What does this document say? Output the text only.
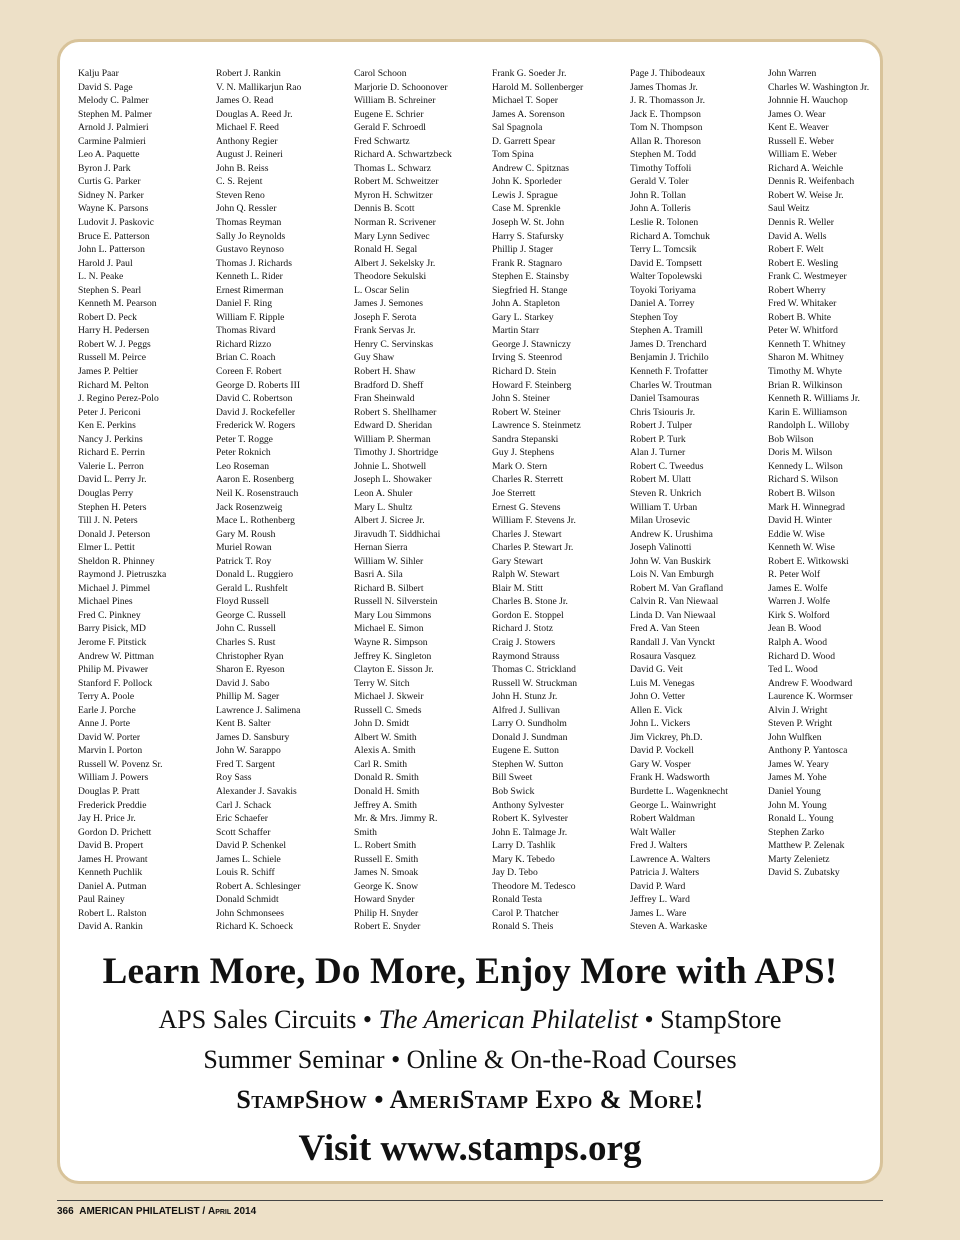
Kalju Paar
David S. Page
Melody C. Palmer
Stephen M. Palmer
Arnold J. Palmieri
Carmine Palmieri
Leo A. Paquette
Byron J. Park
Curtis G. Parker
Sidney N. Parker
Wayne K. Parsons
Ludovit J. Paskovic
Bruce E. Patterson
John L. Patterson
Harold J. Paul
L. N. Peake
Stephen S. Pearl
Kenneth M. Pearson
Robert D. Peck
Harry H. Pedersen
Robert W. J. Peggs
Russell M. Peirce
James P. Peltier
Richard M. Pelton
J. Regino Perez-Polo
Peter J. Periconi
Ken E. Perkins
Nancy J. Perkins
Richard E. Perrin
Valerie L. Perron
David L. Perry Jr.
Douglas Perry
Stephen H. Peters
Till J. N. Peters
Donald J. Peterson
Elmer L. Pettit
Sheldon R. Phinney
Raymond J. Pietruszka
Michael J. Pimmel
Michael Pines
Fred C. Pinkney
Barry Pisick, MD
Jerome F. Pitstick
Andrew W. Pittman
Philip M. Pivawer
Stanford F. Pollock
Terry A. Poole
Earle J. Porche
Anne J. Porte
David W. Porter
Marvin I. Porton
Russell W. Povenz Sr.
William J. Powers
Douglas P. Pratt
Frederick Preddie
Jay H. Price Jr.
Gordon D. Prichett
David B. Propert
James H. Prowant
Kenneth Puchlik
Daniel A. Putman
Paul Rainey
Robert L. Ralston
David A. Rankin
Robert J. Rankin
V. N. Mallikarjun Rao
James O. Read
Douglas A. Reed Jr.
Michael F. Reed
Anthony Regier
August J. Reineri
John B. Reiss
C. S. Rejent
Steven Reno
John Q. Ressler
Thomas Reyman
Sally Jo Reynolds
Gustavo Reynoso
Thomas J. Richards
Kenneth L. Rider
Ernest Rimerman
Daniel F. Ring
William F. Ripple
Thomas Rivard
Richard Rizzo
Brian C. Roach
Coreen F. Robert
George D. Roberts III
David C. Robertson
David J. Rockefeller
Frederick W. Rogers
Peter T. Rogge
Peter Roknich
Leo Roseman
Aaron E. Rosenberg
Neil K. Rosenstrauch
Jack Rosenzweig
Mace L. Rothenberg
Gary M. Roush
Muriel Rowan
Patrick T. Roy
Donald L. Ruggiero
Gerald L. Rushfelt
Floyd Russell
George C. Russell
John C. Russell
Charles S. Rust
Christopher Ryan
Sharon E. Ryeson
David J. Sabo
Phillip M. Sager
Lawrence J. Salimena
Kent B. Salter
James D. Sansbury
John W. Sarappo
Fred T. Sargent
Roy Sass
Alexander J. Savakis
Carl J. Schack
Eric Schaefer
Scott Schaffer
David P. Schenkel
James L. Schiele
Louis R. Schiff
Robert A. Schlesinger
Donald Schmidt
John Schmonsees
Richard K. Schoeck
Carol Schoon
Marjorie D. Schoonover
William B. Schreiner
Eugene E. Schrier
Gerald F. Schroedl
Fred Schwartz
Richard A. Schwartzbeck
Thomas L. Schwarz
Robert M. Schweitzer
Myron H. Schwitzer
Dennis B. Scott
Norman R. Scrivener
Mary Lynn Sedivec
Ronald H. Segal
Albert J. Sekelsky Jr.
Theodore Sekulski
L. Oscar Selin
James J. Semones
Joseph F. Serota
Frank Servas Jr.
Henry C. Servinskas
Guy Shaw
Robert H. Shaw
Bradford D. Sheff
Fran Sheinwald
Robert S. Shellhamer
Edward D. Sheridan
William P. Sherman
Timothy J. Shortridge
Johnie L. Shotwell
Joseph L. Showaker
Leon A. Shuler
Mary L. Shultz
Albert J. Sicree Jr.
Jiravudh T. Siddhichai
Hernan Sierra
William W. Sihler
Basri A. Sila
Richard B. Silbert
Russell N. Silverstein
Mary Lou Simmons
Michael E. Simon
Wayne R. Simpson
Jeffrey K. Singleton
Clayton E. Sisson Jr.
Terry W. Sitch
Michael J. Skweir
Russell C. Smeds
John D. Smidt
Albert W. Smith
Alexis A. Smith
Carl R. Smith
Donald R. Smith
Donald H. Smith
Jeffrey A. Smith
Mr. & Mrs. Jimmy R.
Smith
L. Robert Smith
Russell E. Smith
James N. Smoak
George K. Snow
Howard Snyder
Philip H. Snyder
Robert E. Snyder
Frank G. Soeder Jr.
Harold M. Sollenberger
Michael T. Soper
James A. Sorenson
Sal Spagnola
D. Garrett Spear
Tom Spina
Andrew C. Spitznas
John K. Sporleder
Lewis J. Sprague
Case M. Sprenkle
Joseph W. St. John
Harry S. Stafursky
Phillip J. Stager
Frank R. Stagnaro
Stephen E. Stainsby
Siegfried H. Stange
John A. Stapleton
Gary L. Starkey
Martin Starr
George J. Stawniczy
Irving S. Steenrod
Richard D. Stein
Howard F. Steinberg
John S. Steiner
Robert W. Steiner
Lawrence S. Steinmetz
Sandra Stepanski
Guy J. Stephens
Mark O. Stern
Charles R. Sterrett
Joe Sterrett
Ernest G. Stevens
William F. Stevens Jr.
Charles J. Stewart
Charles P. Stewart Jr.
Gary Stewart
Ralph W. Stewart
Blair M. Stitt
Charles B. Stone Jr.
Gordon E. Stoppel
Richard J. Stotz
Craig J. Stowers
Raymond Strauss
Thomas C. Strickland
Russell W. Struckman
John H. Stunz Jr.
Alfred J. Sullivan
Larry O. Sundholm
Donald J. Sundman
Eugene E. Sutton
Stephen W. Sutton
Bill Sweet
Bob Swick
Anthony Sylvester
Robert K. Sylvester
John E. Talmage Jr.
Larry D. Tashlik
Mary K. Tebedo
Jay D. Tebo
Theodore M. Tedesco
Ronald Testa
Carol P. Thatcher
Ronald S. Theis
Page J. Thibodeaux
James Thomas Jr.
J. R. Thomasson Jr.
Jack E. Thompson
Tom N. Thompson
Allan R. Thoreson
Stephen M. Todd
Timothy Toffoli
Gerald V. Toler
John R. Tollan
John A. Tolleris
Leslie R. Tolonen
Richard A. Tomchuk
Terry L. Tomcsik
David E. Tompsett
Walter Topolewski
Toyoki Toriyama
Daniel A. Torrey
Stephen Toy
Stephen A. Tramill
James D. Trenchard
Benjamin J. Trichilo
Kenneth F. Trofatter
Charles W. Troutman
Daniel Tsamouras
Chris Tsiouris Jr.
Robert J. Tulper
Robert P. Turk
Alan J. Turner
Robert C. Tweedus
Robert M. Ulatt
Steven R. Unkrich
William T. Urban
Milan Urosevic
Andrew K. Urushima
Joseph Valinotti
John W. Van Buskirk
Lois N. Van Emburgh
Robert M. Van Grafland
Calvin R. Van Niewaal
Linda D. Van Niewaal
Fred A. Van Steen
Randall J. Van Vynckt
Rosaura Vasquez
David G. Veit
Luis M. Venegas
John O. Vetter
Allen E. Vick
John L. Vickers
Jim Vickrey, Ph.D.
David P. Vockell
Gary W. Vosper
Frank H. Wadsworth
Burdette L. Wagenknecht
George L. Wainwright
Robert Waldman
Walt Waller
Fred J. Walters
Lawrence A. Walters
Patricia J. Walters
David P. Ward
Jeffrey L. Ward
James L. Ware
Steven A. Warkaske
John Warren
Charles W. Washington Jr.
Johnnie H. Wauchop
James O. Wear
Kent E. Weaver
Russell E. Weber
William E. Weber
Richard A. Weichle
Dennis R. Weifenbach
Robert W. Weise Jr.
Saul Weitz
Dennis R. Weller
David A. Wells
Robert F. Welt
Robert E. Wesling
Frank C. Westmeyer
Robert Wherry
Fred W. Whitaker
Robert B. White
Peter W. Whitford
Kenneth T. Whitney
Sharon M. Whitney
Timothy M. Whyte
Brian R. Wilkinson
Kenneth R. Williams Jr.
Karin E. Williamson
Randolph L. Willoby
Bob Wilson
Doris M. Wilson
Kennedy L. Wilson
Richard S. Wilson
Robert B. Wilson
Mark H. Winnegrad
David H. Winter
Eddie W. Wise
Kenneth W. Wise
Robert E. Witkowski
R. Peter Wolf
James E. Wolfe
Warren J. Wolfe
Kirk S. Wolford
Jean B. Wood
Ralph A. Wood
Richard D. Wood
Ted L. Wood
Andrew F. Woodward
Laurence K. Wormser
Alvin J. Wright
Steven P. Wright
John Wulfken
Anthony P. Yantosca
James W. Yeary
James M. Yohe
Daniel Young
John M. Young
Ronald L. Young
Stephen Zarko
Matthew P. Zelenak
Marty Zelenietz
David S. Zubatsky
Learn More, Do More, Enjoy More with APS!
APS Sales Circuits • The American Philatelist • StampStore
Summer Seminar • Online & On-the-Road Courses
StampShow • AmeriStamp Expo & More!
Visit www.stamps.org
366 AMERICAN PHILATELIST / April 2014
